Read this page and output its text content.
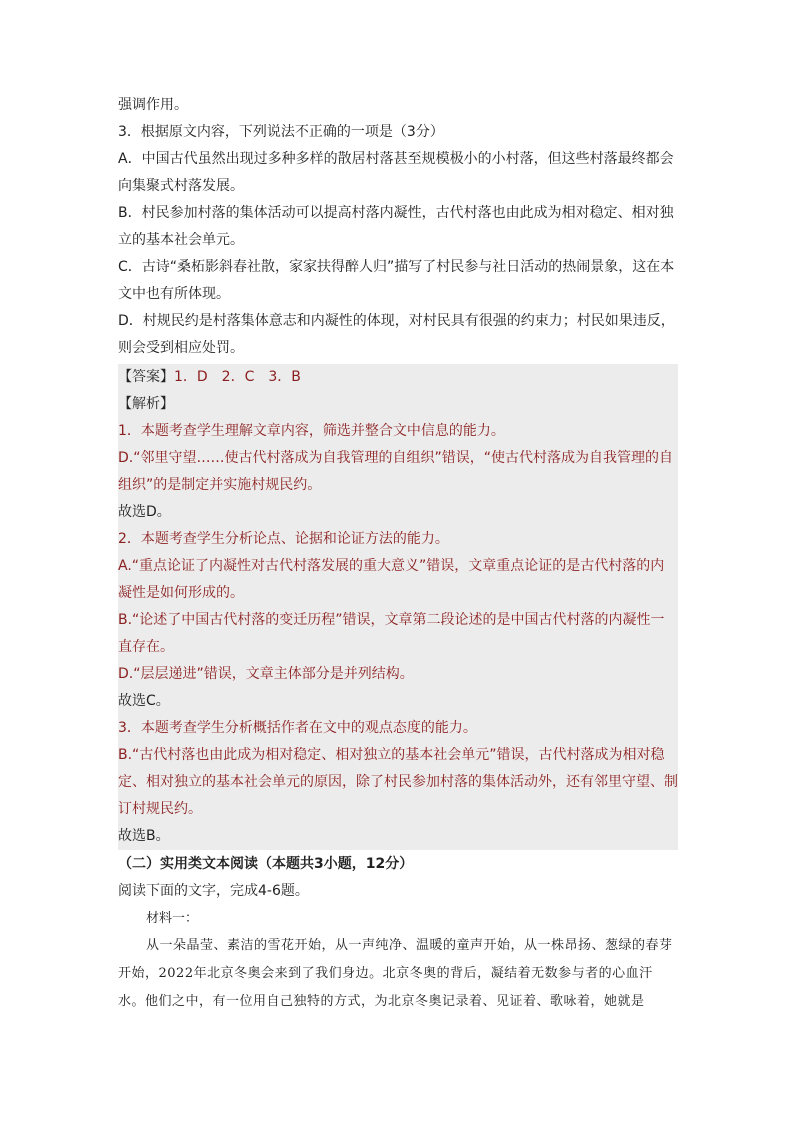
强调作用。

3．根据原文内容，下列说法不正确的一项是（3分）

A．中国古代虽然出现过多种多样的散居村落甚至规模极小的小村落，但这些村落最终都会向集聚式村落发展。

B．村民参加村落的集体活动可以提高村落内凝性，古代村落也由此成为相对稳定、相对独立的基本社会单元。

C．古诗“桑柘影斜春社散，家家扶得醉人归”描写了村民参与社日活动的热闹景象，这在本文中也有所体现。

D．村规民约是村落集体意志和内凝性的体现，对村民具有很强的约束力；村民如果违反，则会受到相应处罚。

【答案】1．D　2．C　3．B

【解析】

1．本题考查学生理解文章内容，筛选并整合文中信息的能力。

D.“邻里守望……使古代村落成为自我管理的自组织”错误，“使古代村落成为自我管理的自组织”的是制定并实施村规民约。

故选D。

2．本题考查学生分析论点、论据和论证方法的能力。

A.“重点论证了内凝性对古代村落发展的重大意义”错误，文章重点论证的是古代村落的内凝性是如何形成的。

B.“论述了中国古代村落的变迁历程”错误，文章第二段论述的是中国古代村落的内凝性一直存在。

D.“层层递进”错误，文章主体部分是并列结构。

故选C。

3．本题考查学生分析概括作者在文中的观点态度的能力。

B.“古代村落也由此成为相对稳定、相对独立的基本社会单元”错误，古代村落成为相对稳定、相对独立的基本社会单元的原因，除了村民参加村落的集体活动外，还有邻里守望、制订村规民约。

故选B。

（二）实用类文本阅读（本题共3小题，12分）

阅读下面的文字，完成4-6题。

材料一：

从一朵晶莹、素洁的雪花开始，从一声纯净、温暖的童声开始，从一株昂扬、葱绿的春芽开始，2022年北京冬奥会来到了我们身边。北京冬奥的背后，凝结着无数参与者的心血汗水。他们之中，有一位用自己独特的方式，为北京冬奥记录着、见证着、歌咏着，她就是
